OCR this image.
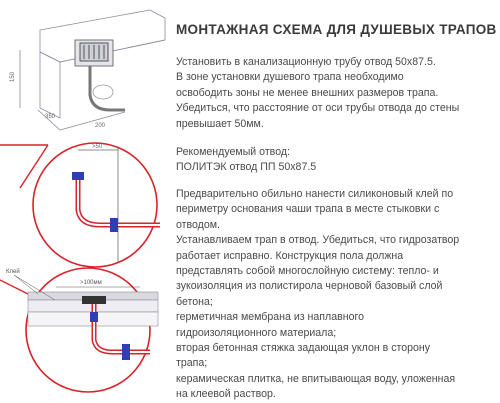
150
350
200
>50
Клей
>100мм
МОНТАЖНАЯ СХЕМА ДЛЯ ДУШЕВЫХ ТРАПОВ

Установить в канализационную трубу отвод 50х87.5.

В зоне установки душевого трапа необходимо

освободить зоны не менее внешних размеров трапа.

Убедиться, что расстояние от оси трубы отвода до стены

превышает 50мм.

Рекомендуемый отвод:

ПОЛИТЭК отвод ПП 50х87.5

Предварительно обильно нанести силиконовый клей по

периметру основания чаши трапа в месте стыковки с

отводом.

Устанавливаем трап в отвод. Убедиться, что гидрозатвор

работает исправно. Конструкция пола должна

представлять собой многослойную систему: тепло- и

зукоизоляция из полистирола черновой базовый слой

бетона;

герметичная мембрана из наплавного

гидроизоляционного материала;

вторая бетонная стяжка задающая уклон в сторону

трапа;

керамическая плитка, не впитывающая воду, уложенная

на клеевой раствор.
